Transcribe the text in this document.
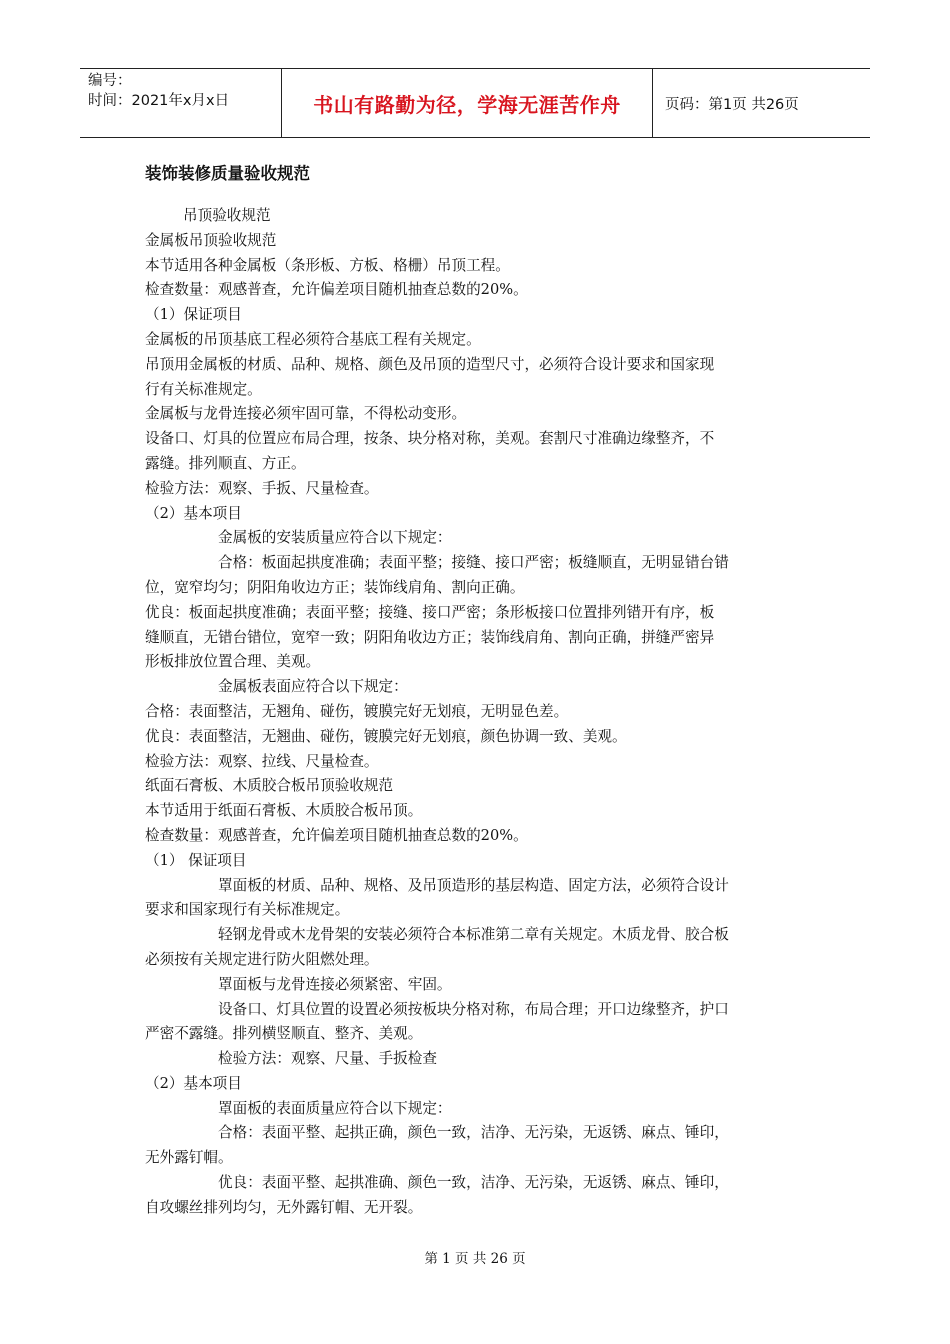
编号：
时间：2021年x月x日	书山有路勤为径，学海无涯苦作舟	页码：第1页 共26页
装饰装修质量验收规范

吊顶验收规范

金属板吊顶验收规范

本节适用各种金属板（条形板、方板、格栅）吊顶工程。

检查数量：观感普查，允许偏差项目随机抽查总数的20%。

（1）保证项目

金属板的吊顶基底工程必须符合基底工程有关规定。

吊顶用金属板的材质、品种、规格、颜色及吊顶的造型尺寸，必须符合设计要求和国家现

行有关标准规定。

金属板与龙骨连接必须牢固可靠，不得松动变形。

设备口、灯具的位置应布局合理，按条、块分格对称，美观。套割尺寸准确边缘整齐，不

露缝。排列顺直、方正。

检验方法：观察、手扳、尺量检查。

（2）基本项目

金属板的安装质量应符合以下规定：

合格：板面起拱度准确；表面平整；接缝、接口严密；板缝顺直，无明显错台错

位，宽窄均匀；阴阳角收边方正；装饰线肩角、割向正确。

优良：板面起拱度准确；表面平整；接缝、接口严密；条形板接口位置排列错开有序，板

缝顺直，无错台错位，宽窄一致；阴阳角收边方正；装饰线肩角、割向正确，拼缝严密异

形板排放位置合理、美观。

金属板表面应符合以下规定：

合格：表面整洁，无翘角、碰伤，镀膜完好无划痕，无明显色差。

优良：表面整洁，无翘曲、碰伤，镀膜完好无划痕，颜色协调一致、美观。

检验方法：观察、拉线、尺量检查。

纸面石膏板、木质胶合板吊顶验收规范

本节适用于纸面石膏板、木质胶合板吊顶。

检查数量：观感普查，允许偏差项目随机抽查总数的20%。

（1） 保证项目

罩面板的材质、品种、规格、及吊顶造形的基层构造、固定方法，必须符合设计

要求和国家现行有关标准规定。

轻钢龙骨或木龙骨架的安装必须符合本标准第二章有关规定。木质龙骨、胶合板

必须按有关规定进行防火阻燃处理。

罩面板与龙骨连接必须紧密、牢固。

设备口、灯具位置的设置必须按板块分格对称，布局合理；开口边缘整齐，护口

严密不露缝。排列横竖顺直、整齐、美观。

检验方法：观察、尺量、手扳检查

（2）基本项目

罩面板的表面质量应符合以下规定：

合格：表面平整、起拱正确，颜色一致，洁净、无污染，无返锈、麻点、锤印，

无外露钉帽。

优良：表面平整、起拱准确、颜色一致，洁净、无污染，无返锈、麻点、锤印，

自攻螺丝排列均匀，无外露钉帽、无开裂。

第 1 页 共 26 页
